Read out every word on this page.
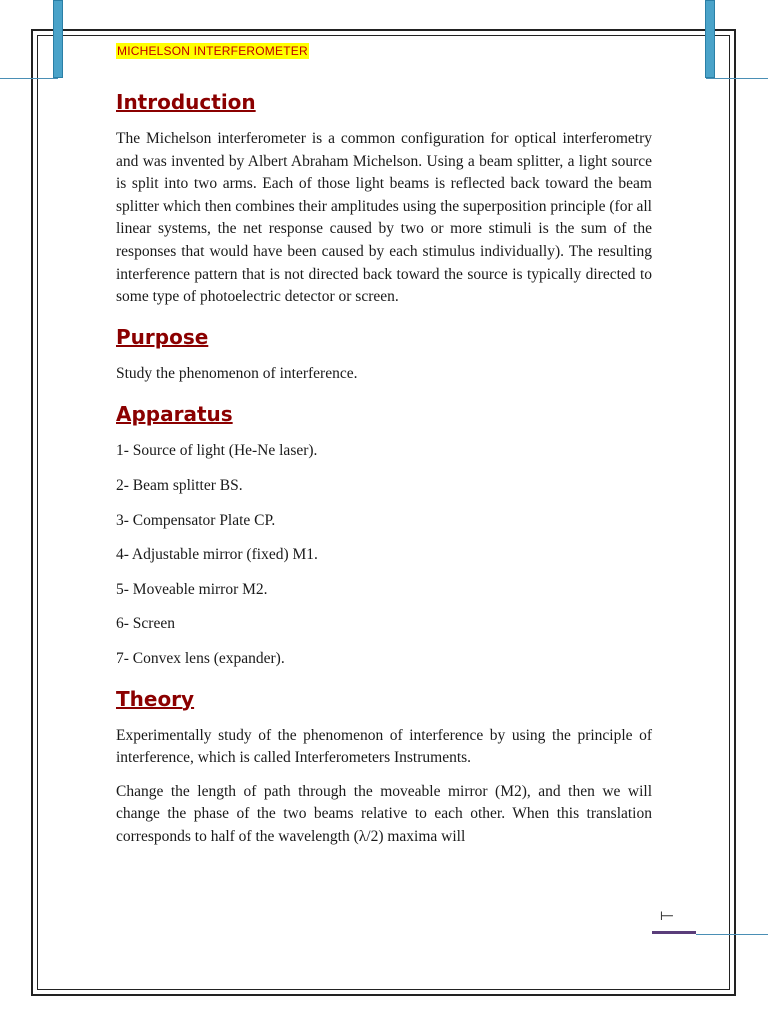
MICHELSON INTERFEROMETER
Introduction

The Michelson interferometer is a common configuration for optical interferometry and was invented by Albert Abraham Michelson. Using a beam splitter, a light source is split into two arms. Each of those light beams is reflected back toward the beam splitter which then combines their amplitudes using the superposition principle (for all linear systems, the net response caused by two or more stimuli is the sum of the responses that would have been caused by each stimulus individually). The resulting interference pattern that is not directed back toward the source is typically directed to some type of photoelectric detector or screen.

Purpose

Study the phenomenon of interference.

Apparatus
1- Source of light (He-Ne laser).
2- Beam splitter BS.
3- Compensator Plate CP.
4- Adjustable mirror (fixed) M1.
5- Moveable mirror M2.
6- Screen
7- Convex lens (expander).
Theory

Experimentally study of the phenomenon of interference by using the principle of interference, which is called Interferometers Instruments.

Change the length of path through the moveable mirror (M2), and then we will change the phase of the two beams relative to each other. When this translation corresponds to half of the wavelength (λ/2) maxima will

⟝
